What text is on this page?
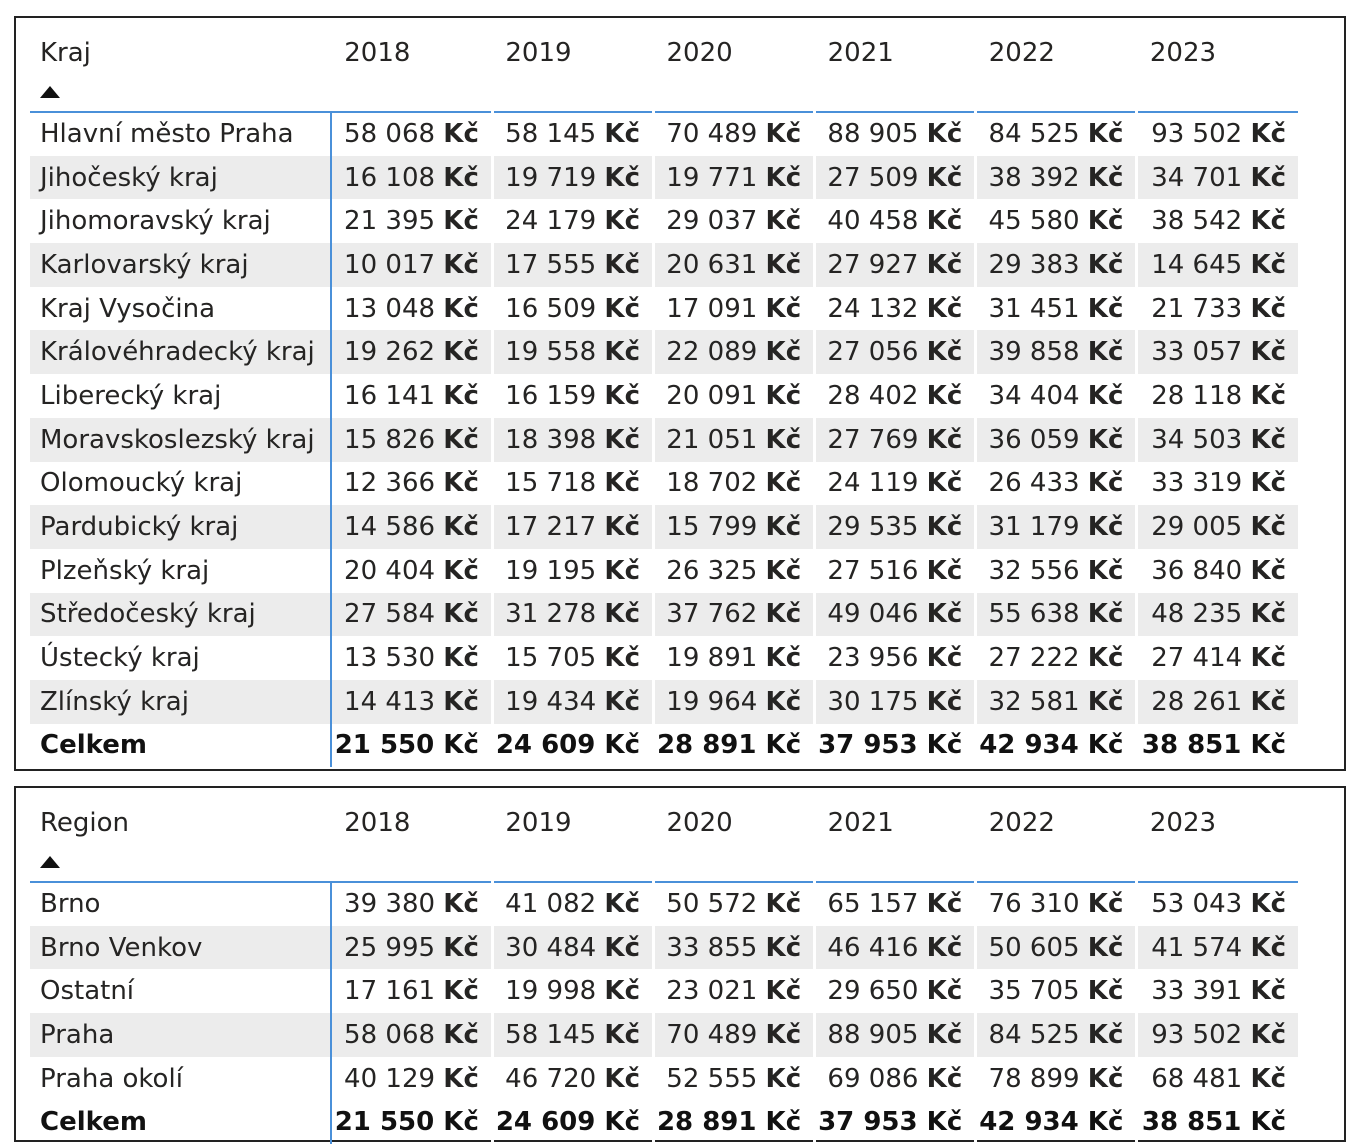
Kraj	2018	2019	2020	2021	2022	2023
Hlavní město Praha	58 068 Kč	58 145 Kč	70 489 Kč	88 905 Kč	84 525 Kč	93 502 Kč
Jihočeský kraj	16 108 Kč	19 719 Kč	19 771 Kč	27 509 Kč	38 392 Kč	34 701 Kč
Jihomoravský kraj	21 395 Kč	24 179 Kč	29 037 Kč	40 458 Kč	45 580 Kč	38 542 Kč
Karlovarský kraj	10 017 Kč	17 555 Kč	20 631 Kč	27 927 Kč	29 383 Kč	14 645 Kč
Kraj Vysočina	13 048 Kč	16 509 Kč	17 091 Kč	24 132 Kč	31 451 Kč	21 733 Kč
Královéhradecký kraj	19 262 Kč	19 558 Kč	22 089 Kč	27 056 Kč	39 858 Kč	33 057 Kč
Liberecký kraj	16 141 Kč	16 159 Kč	20 091 Kč	28 402 Kč	34 404 Kč	28 118 Kč
Moravskoslezský kraj	15 826 Kč	18 398 Kč	21 051 Kč	27 769 Kč	36 059 Kč	34 503 Kč
Olomoucký kraj	12 366 Kč	15 718 Kč	18 702 Kč	24 119 Kč	26 433 Kč	33 319 Kč
Pardubický kraj	14 586 Kč	17 217 Kč	15 799 Kč	29 535 Kč	31 179 Kč	29 005 Kč
Plzeňský kraj	20 404 Kč	19 195 Kč	26 325 Kč	27 516 Kč	32 556 Kč	36 840 Kč
Středočeský kraj	27 584 Kč	31 278 Kč	37 762 Kč	49 046 Kč	55 638 Kč	48 235 Kč
Ústecký kraj	13 530 Kč	15 705 Kč	19 891 Kč	23 956 Kč	27 222 Kč	27 414 Kč
Zlínský kraj	14 413 Kč	19 434 Kč	19 964 Kč	30 175 Kč	32 581 Kč	28 261 Kč
Celkem	21 550 Kč	24 609 Kč	28 891 Kč	37 953 Kč	42 934 Kč	38 851 Kč
Region	2018	2019	2020	2021	2022	2023
Brno	39 380 Kč	41 082 Kč	50 572 Kč	65 157 Kč	76 310 Kč	53 043 Kč
Brno Venkov	25 995 Kč	30 484 Kč	33 855 Kč	46 416 Kč	50 605 Kč	41 574 Kč
Ostatní	17 161 Kč	19 998 Kč	23 021 Kč	29 650 Kč	35 705 Kč	33 391 Kč
Praha	58 068 Kč	58 145 Kč	70 489 Kč	88 905 Kč	84 525 Kč	93 502 Kč
Praha okolí	40 129 Kč	46 720 Kč	52 555 Kč	69 086 Kč	78 899 Kč	68 481 Kč
Celkem	21 550 Kč	24 609 Kč	28 891 Kč	37 953 Kč	42 934 Kč	38 851 Kč
